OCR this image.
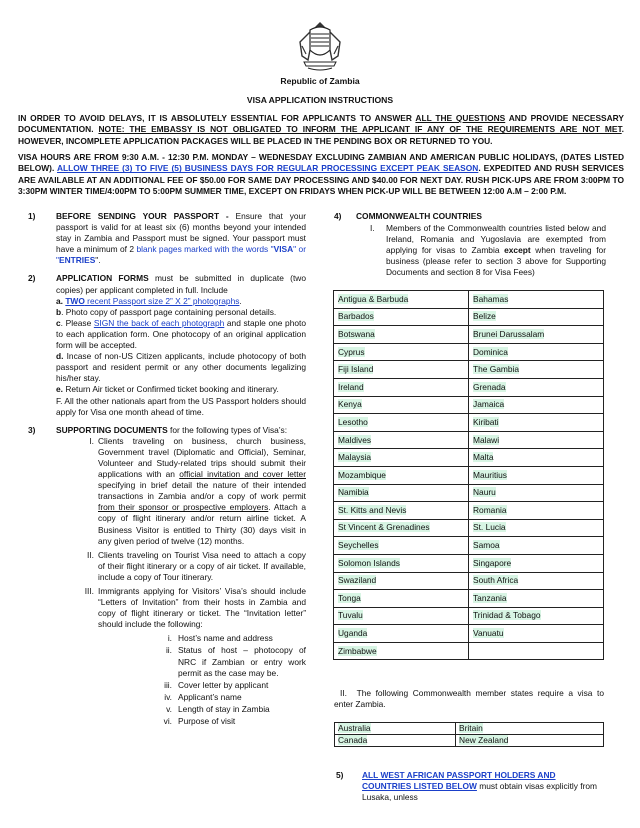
Republic of Zambia
VISA APPLICATION INSTRUCTIONS
IN ORDER TO AVOID DELAYS, IT IS ABSOLUTELY ESSENTIAL FOR APPLICANTS TO ANSWER ALL THE QUESTIONS AND PROVIDE NECESSARY DOCUMENTATION. NOTE: THE EMBASSY IS NOT OBLIGATED TO INFORM THE APPLICANT IF ANY OF THE REQUIREMENTS ARE NOT MET. HOWEVER, INCOMPLETE APPLICATION PACKAGES WILL BE PLACED IN THE PENDING BOX OR RETURNED TO YOU.
VISA HOURS ARE FROM 9:30 A.M. - 12:30 P.M. MONDAY – WEDNESDAY EXCLUDING ZAMBIAN AND AMERICAN PUBLIC HOLIDAYS, (DATES LISTED BELOW). ALLOW THREE (3) TO FIVE (5) BUSINESS DAYS FOR REGULAR PROCESSING EXCEPT PEAK SEASON. EXPEDITED AND RUSH SERVICES ARE AVAILABLE AT AN ADDITIONAL FEE OF $50.00 FOR SAME DAY PROCESSING AND $40.00 FOR NEXT DAY. RUSH PICK-UPS ARE FROM 3:00PM TO 3:30PM WINTER TIME/4:00PM TO 5:00PM SUMMER TIME, EXCEPT ON FRIDAYS WHEN PICK-UP WILL BE BETWEEN 12:00 A.M – 2:00 P.M.
1) BEFORE SENDING YOUR PASSPORT - Ensure that your passport is valid for at least six (6) months beyond your intended stay in Zambia and Passport must be signed. Your passport must have a minimum of 2 blank pages marked with the words "VISA" or "ENTRIES".
2) APPLICATION FORMS must be submitted in duplicate (two copies) per applicant completed in full. Include
a. TWO recent Passport size 2” X 2” photographs.
b. Photo copy of passport page containing personal details.
c. Please SIGN the back of each photograph and staple one photo to each application form. One photocopy of an original application form will be accepted.
d. Incase of non-US Citizen applicants, include photocopy of both passport and resident permit or any other documents legalizing his/her stay.
e. Return Air ticket or Confirmed ticket booking and itinerary.
F. All the other nationals apart from the US Passport holders should apply for Visa one month ahead of time.
3) SUPPORTING DOCUMENTS for the following types of Visa’s:
I. Clients traveling on business, church business, Government travel (Diplomatic and Official), Seminar, Volunteer and Study-related trips should submit their applications with an official invitation and cover letter specifying in brief detail the nature of their intended transactions in Zambia and/or a copy of work permit from their sponsor or prospective employers. Attach a copy of flight itinerary and/or return airline ticket. A Business Visitor is entitled to Thirty (30) days visit in any given period of twelve (12) months.
II. Clients traveling on Tourist Visa need to attach a copy of their flight itinerary or a copy of air ticket. If available, include a copy of Tour itinerary.
III. Immigrants applying for Visitors’ Visa’s should include “Letters of Invitation” from their hosts in Zambia and copy of flight itinerary or ticket. The “Invitation letter” should include the following:
i. Host’s name and address
ii. Status of host – photocopy of NRC if Zambian or entry work permit as the case may be.
iii. Cover letter by applicant
iv. Applicant’s name
v. Length of stay in Zambia
vi. Purpose of visit
4) COMMONWEALTH COUNTRIES
I. Members of the Commonwealth countries listed below and Ireland, Romania and Yugoslavia are exempted from applying for visas to Zambia except when traveling for business (please refer to section 3 above for Supporting Documents and section 8 for Visa Fees)
Antigua & Barbuda	Bahamas
Barbados	Belize
Botswana	Brunei Darussalam
Cyprus	Dominica
Fiji Island	The Gambia
Ireland	Grenada
Kenya	Jamaica
Lesotho	Kiribati
Maldives	Malawi
Malaysia	Malta
Mozambique	Mauritius
Namibia	Nauru
St. Kitts and Nevis	Romania
St Vincent & Grenadines	St. Lucia
Seychelles	Samoa
Solomon Islands	Singapore
Swaziland	South Africa
Tonga	Tanzania
Tuvalu	Trinidad & Tobago
Uganda	Vanuatu
Zimbabwe	
II. The following Commonwealth member states require a visa to enter Zambia.
Australia	Britain
Canada	New Zealand
5) ALL WEST AFRICAN PASSPORT HOLDERS AND COUNTRIES LISTED BELOW must obtain visas explicitly from Lusaka, unless
